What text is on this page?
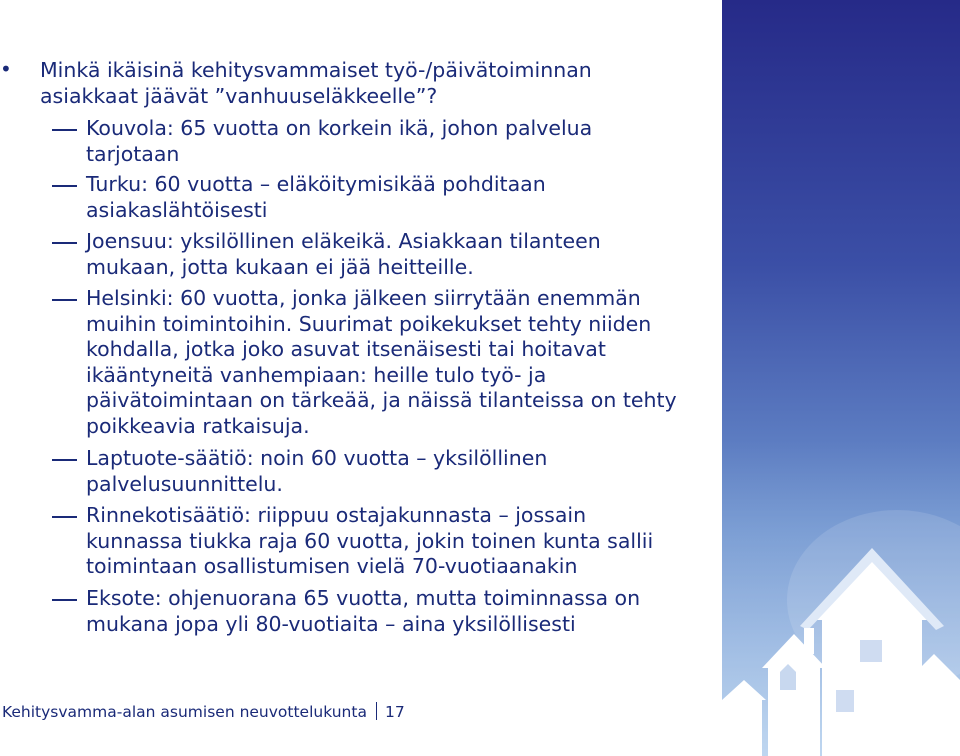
• Minkä ikäisinä kehitysvammaiset työ-/päivätoiminnan asiakkaat jäävät ”vanhuuseläkkeelle”?
Kouvola: 65 vuotta on korkein ikä, johon palvelua
tarjotaan
Turku: 60 vuotta – eläköitymisikää pohditaan
asiakaslähtöisesti
Joensuu: yksilöllinen eläkeikä. Asiakkaan tilanteen
mukaan, jotta kukaan ei jää heitteille.
Helsinki: 60 vuotta, jonka jälkeen siirrytään enemmän
muihin toimintoihin. Suurimat poikekukset tehty niiden
kohdalla, jotka joko asuvat itsenäisesti tai hoitavat
ikääntyneitä vanhempiaan: heille tulo työ- ja
päivätoimintaan on tärkeää, ja näissä tilanteissa on tehty
poikkeavia ratkaisuja.
Laptuote-säätiö: noin 60 vuotta – yksilöllinen
palvelusuunnittelu.
Rinnekotisäätiö: riippuu ostajakunnasta – jossain
kunnassa tiukka raja 60 vuotta, jokin toinen kunta sallii
toimintaan osallistumisen vielä 70-vuotiaanakin
Eksote: ohjenuorana 65 vuotta, mutta toiminnassa on
mukana jopa yli 80-vuotiaita – aina yksilöllisesti
Kehitysvamma-alan asumisen neuvottelukunta 17
